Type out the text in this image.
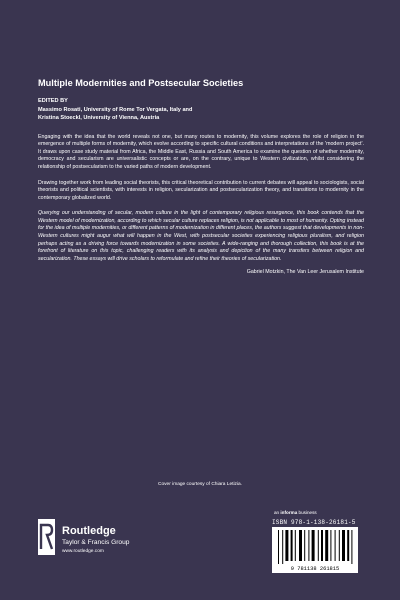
Multiple Modernities and Postsecular Societies

EDITED BY

Massimo Rosati, University of Rome Tor Vergata, Italy and
Kristina Stoeckl, University of Vienna, Austria

Engaging with the idea that the world reveals not one, but many routes to modernity, this volume explores the role of religion in the emergence of multiple forms of modernity, which evolve according to specific cultural conditions and interpretations of the 'modern project'. It draws upon case study material from Africa, the Middle East, Russia and South America to examine the question of whether modernity, democracy and secularism are universalistic concepts or are, on the contrary, unique to Western civilization, whilst considering the relationship of postsecularism to the varied paths of modern development.

Drawing together work from leading social theorists, this critical theoretical contribution to current debates will appeal to sociologists, social theorists and political scientists, with interests in religion, secularization and postsecularization theory, and transitions to modernity in the contemporary globalized world.

Querying our understanding of secular, modern culture in the light of contemporary religious resurgence, this book contends that the Western model of modernization, according to which secular culture replaces religion, is not applicable to most of humanity. Opting instead for the idea of multiple modernities, or different patterns of modernization in different places, the authors suggest that developments in non-Western cultures might augur what will happen in the West, with postsecular societies experiencing religious pluralism, and religion perhaps acting as a driving force towards modernization in some societies. A wide-ranging and thorough collection, this book is at the forefront of literature on this topic, challenging readers with its analysis and depiction of the many transfers between religion and secularization. These essays will drive scholars to reformulate and refine their theories of secularization.

Gabriel Motzkin, The Van Leer Jerusalem Institute

Cover image courtesy of Chiara Letizia.
Routledge
Taylor & Francis Group
www.routledge.com
an informa business
ISBN 978-1-138-26181-5
9 781138 261815
